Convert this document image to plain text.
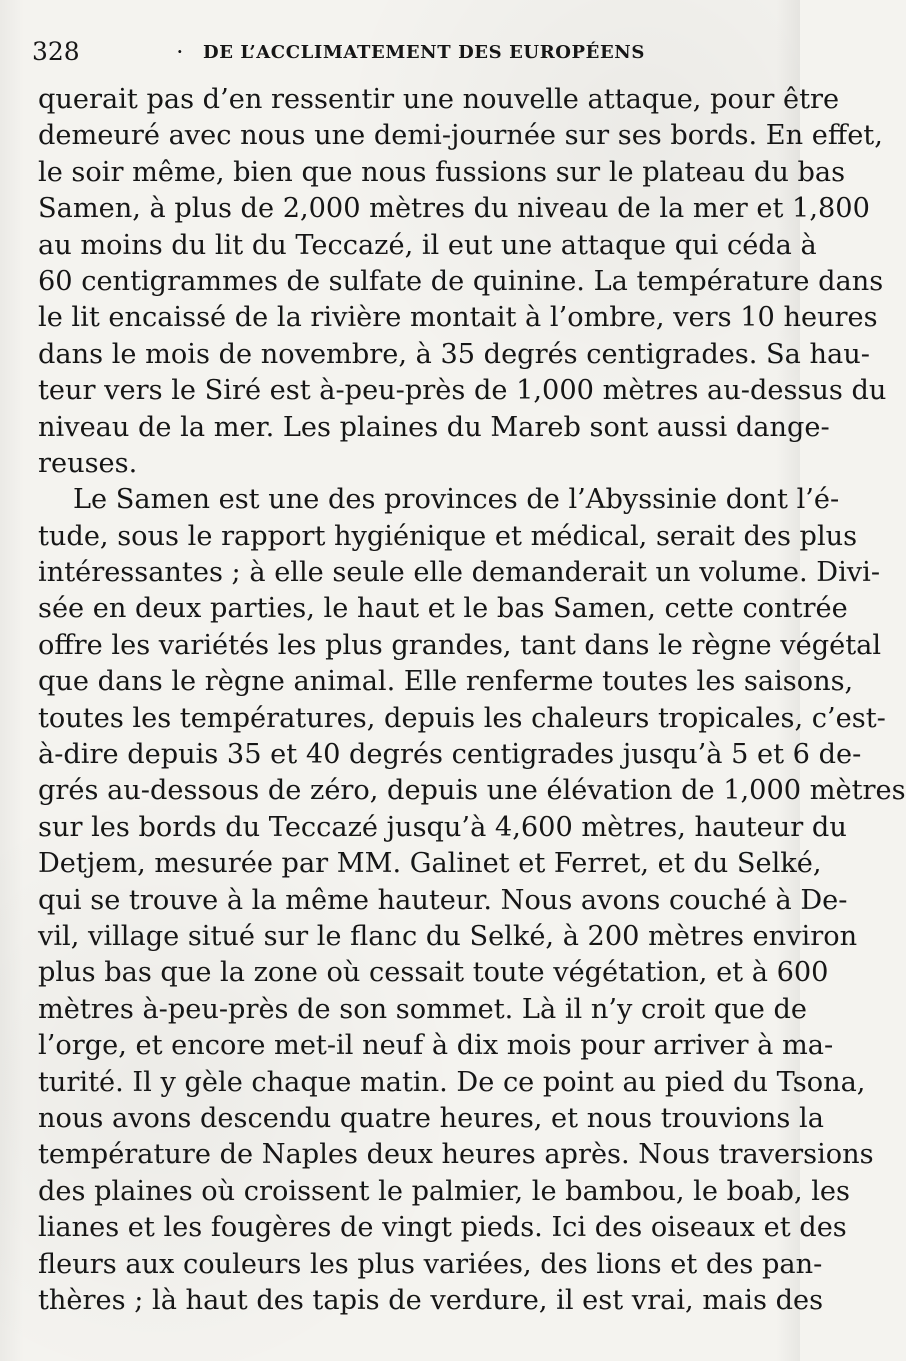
328	· DE L’ACCLIMATEMENT DES EUROPÉENS
querait pas d’en ressentir une nouvelle attaque, pour être
demeuré avec nous une demi-journée sur ses bords. En effet,
le soir même, bien que nous fussions sur le plateau du bas
Samen, à plus de 2,000 mètres du niveau de la mer et 1,800
au moins du lit du Teccazé, il eut une attaque qui céda à
60 centigrammes de sulfate de quinine. La température dans
le lit encaissé de la rivière montait à l’ombre, vers 10 heures
dans le mois de novembre, à 35 degrés centigrades. Sa hau-
teur vers le Siré est à-peu-près de 1,000 mètres au-dessus du
niveau de la mer. Les plaines du Mareb sont aussi dange-
reuses.
Le Samen est une des provinces de l’Abyssinie dont l’é-
tude, sous le rapport hygiénique et médical, serait des plus
intéressantes ; à elle seule elle demanderait un volume. Divi-
sée en deux parties, le haut et le bas Samen, cette contrée
offre les variétés les plus grandes, tant dans le règne végétal
que dans le règne animal. Elle renferme toutes les saisons,
toutes les températures, depuis les chaleurs tropicales, c’est-
à-dire depuis 35 et 40 degrés centigrades jusqu’à 5 et 6 de-
grés au-dessous de zéro, depuis une élévation de 1,000 mètres
sur les bords du Teccazé jusqu’à 4,600 mètres, hauteur du
Detjem, mesurée par MM. Galinet et Ferret, et du Selké,
qui se trouve à la même hauteur. Nous avons couché à De-
vil, village situé sur le flanc du Selké, à 200 mètres environ
plus bas que la zone où cessait toute végétation, et à 600
mètres à-peu-près de son sommet. Là il n’y croit que de
l’orge, et encore met-il neuf à dix mois pour arriver à ma-
turité. Il y gèle chaque matin. De ce point au pied du Tsona,
nous avons descendu quatre heures, et nous trouvions la
température de Naples deux heures après. Nous traversions
des plaines où croissent le palmier, le bambou, le boab, les
lianes et les fougères de vingt pieds. Ici des oiseaux et des
fleurs aux couleurs les plus variées, des lions et des pan-
thères ; là haut des tapis de verdure, il est vrai, mais des
